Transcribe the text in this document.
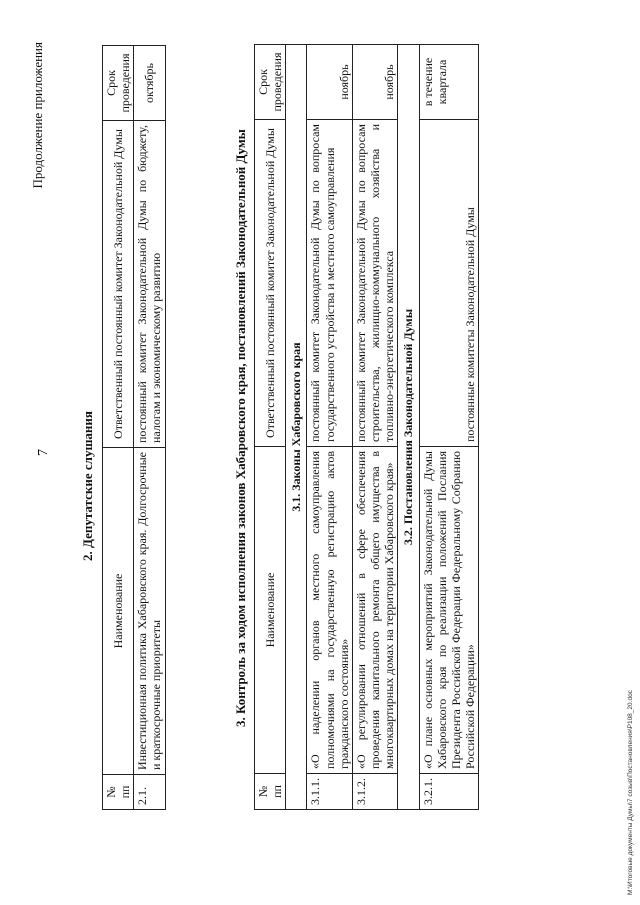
7
Продолжение приложения
2. Депутатские слушания
№ пп	Наименование	Ответственный постоянный комитет Законодательной Думы	Срок проведения
2.1.	Инвестиционная политика Хабаровского края. Долгосрочные и краткосрочные приоритеты	постоянный комитет Законодательной Думы по бюджету, налогам и экономическому развитию	октябрь
3. Контроль за ходом исполнения законов Хабаровского края, постановлений Законодательной Думы
№ пп	Наименование	Ответственный постоянный комитет Законодательной Думы	Срок проведения
3.1. Законы Хабаровского края			
3.1.1.	«О наделении органов местного самоуправления полномочиями на государственную регистрацию актов гражданского состояния»	постоянный комитет Законодательной Думы по вопросам государственного устройства и местного самоуправления	ноябрь
3.1.2.	«О регулировании отношений в сфере обеспечения проведения капитального ремонта общего имущества в многоквартирных домах на территории Хабаровского края»	постоянный комитет Законодательной Думы по вопросам строительства, жилищно-коммунального хозяйства и топливно-энергетического комплекса	ноябрь
3.2. Постановления Законодательной Думы			
3.2.1.	«О плане основных мероприятий Законодательной Думы Хабаровского края по реализации положений Послания Президента Российской Федерации Федеральному Собранию Российской Федерации»	постоянные комитеты Законодательной Думы	в течение квартала
M:\Итоговые документы Думы\7 созыв\Постановления\P108_20.doc
